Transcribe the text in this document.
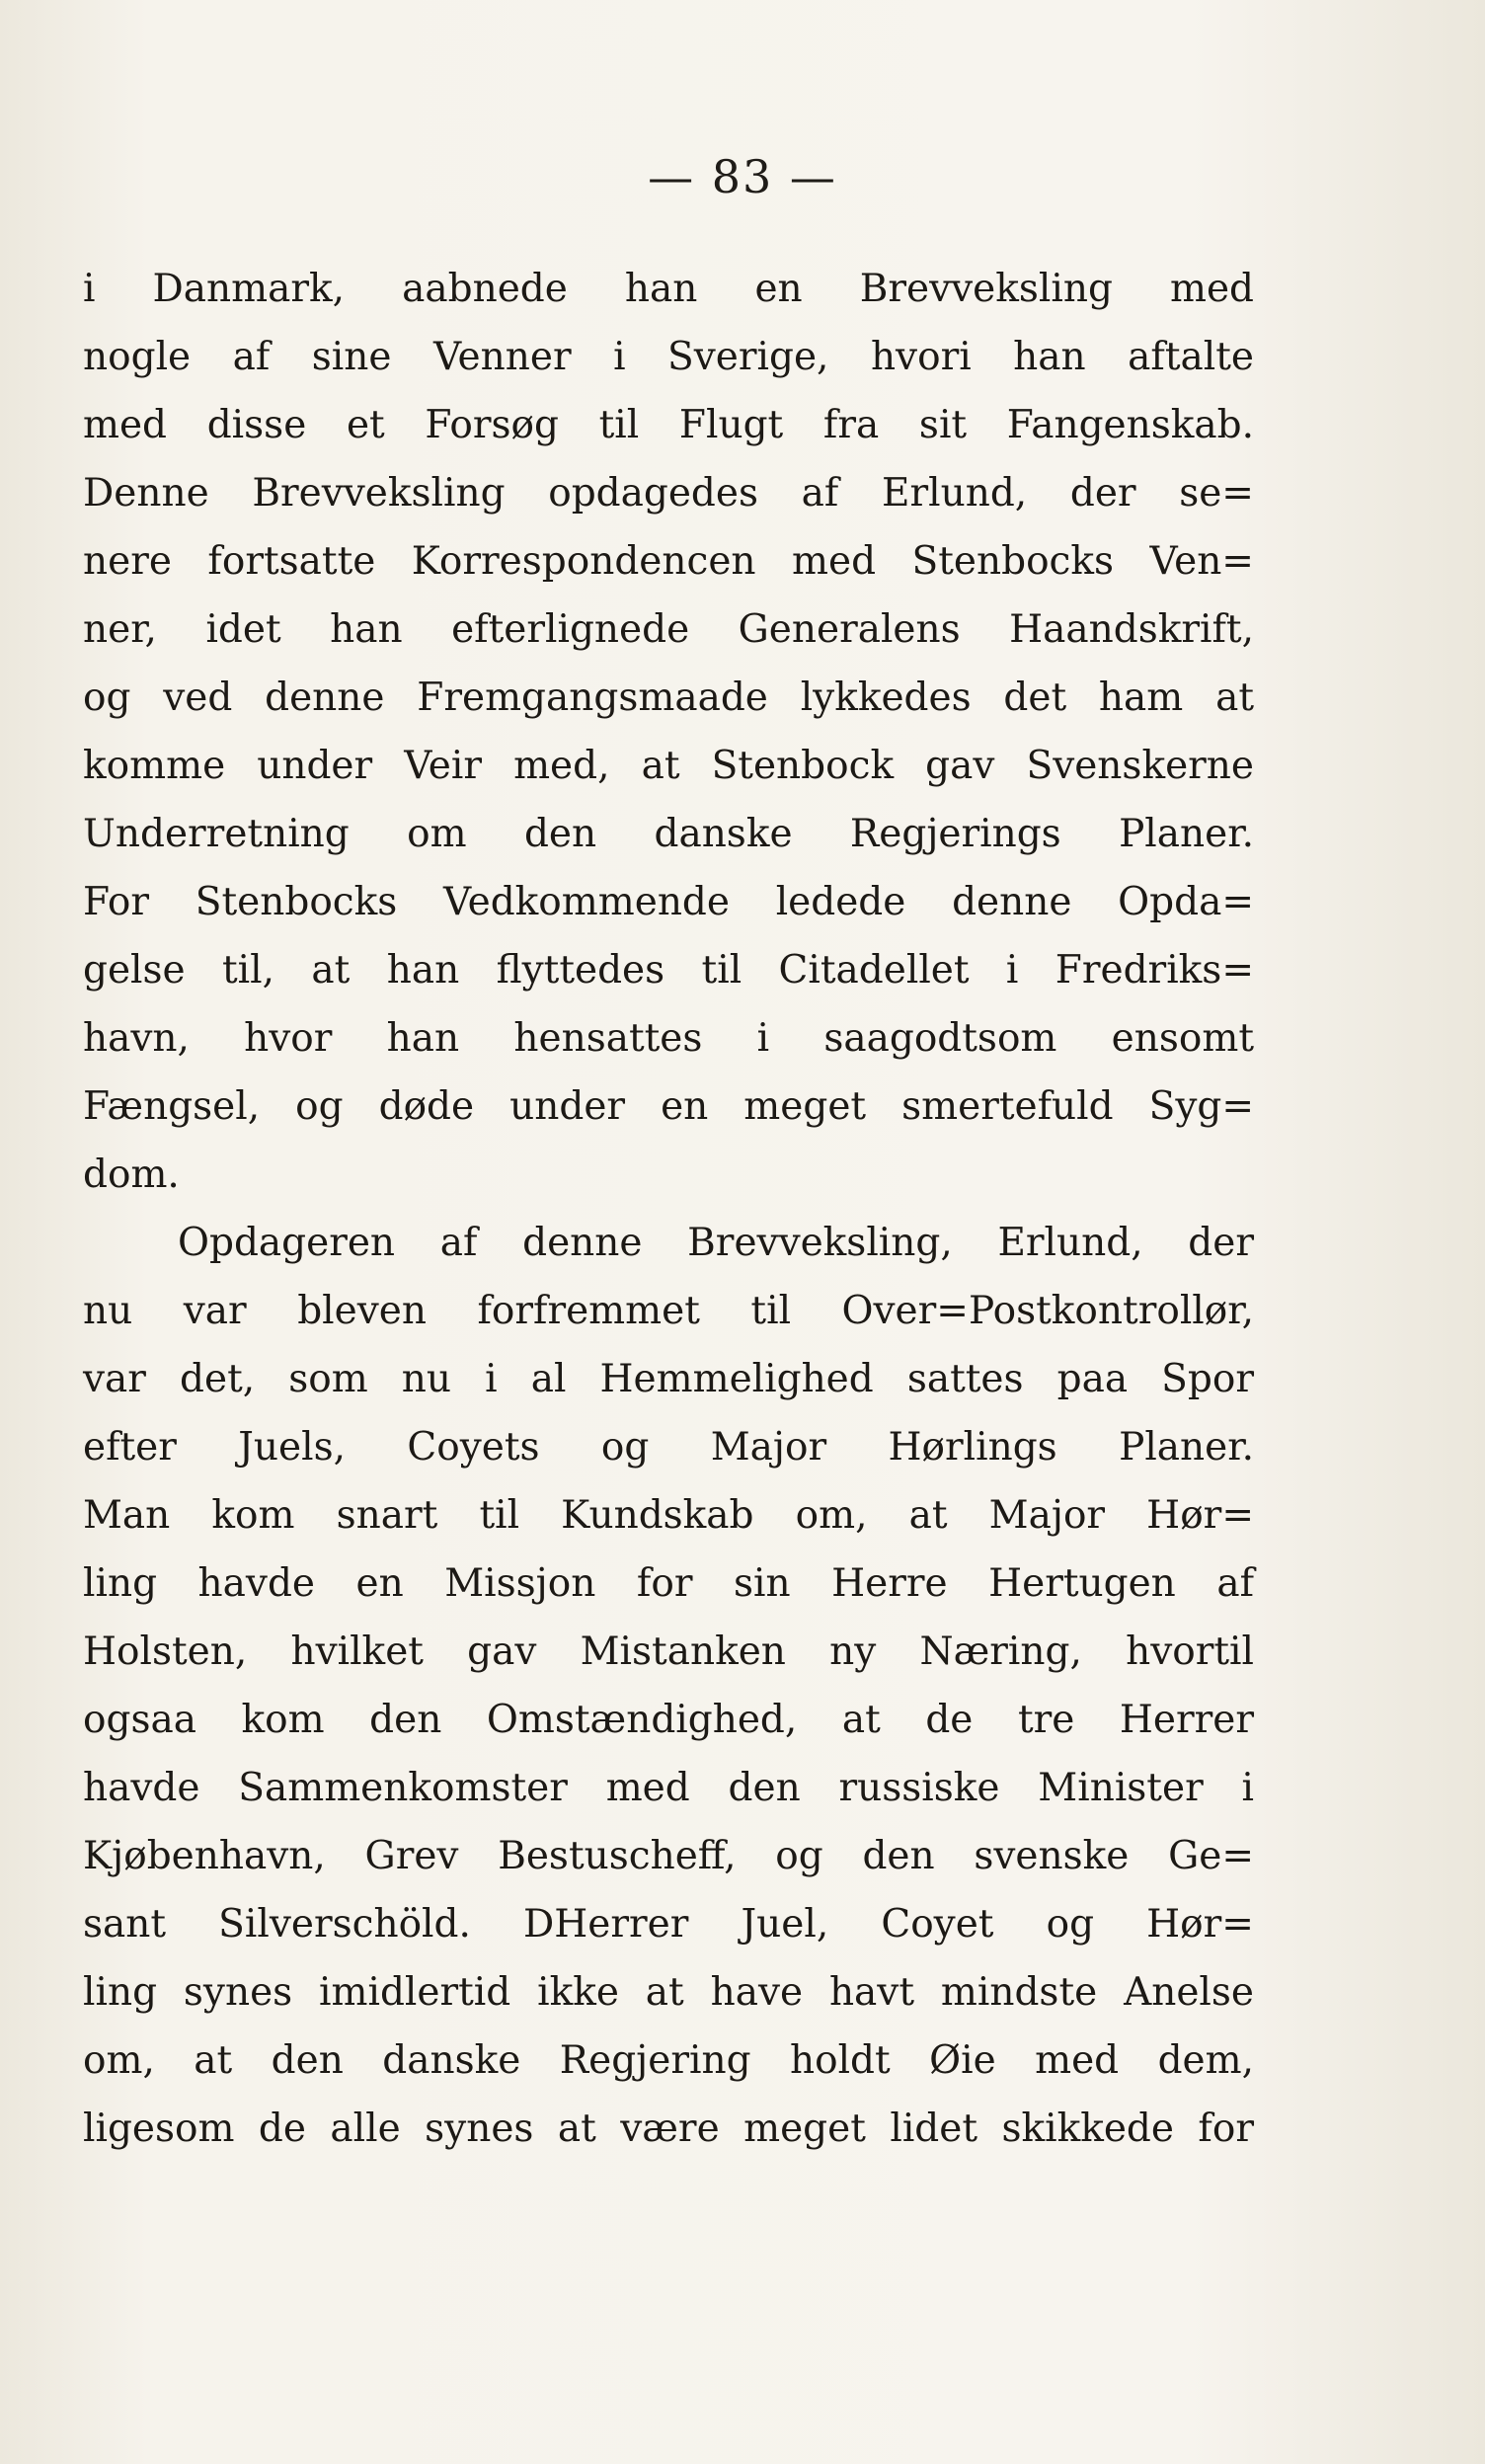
— 83 —
i Danmark, aabnede han en Brevveksling med
nogle af sine Venner i Sverige, hvori han aftalte
med disse et Forsøg til Flugt fra sit Fangenskab.
Denne Brevveksling opdagedes af Erlund, der se=
nere fortsatte Korrespondencen med Stenbocks Ven=
ner, idet han efterlignede Generalens Haandskrift,
og ved denne Fremgangsmaade lykkedes det ham at
komme under Veir med, at Stenbock gav Svenskerne
Underretning om den danske Regjerings Planer.
For Stenbocks Vedkommende ledede denne Opda=
gelse til, at han flyttedes til Citadellet i Fredriks=
havn, hvor han hensattes i saagodtsom ensomt
Fængsel, og døde under en meget smertefuld Syg=
dom.
Opdageren af denne Brevveksling, Erlund, der
nu var bleven forfremmet til Over=Postkontrollør,
var det, som nu i al Hemmelighed sattes paa Spor
efter Juels, Coyets og Major Hørlings Planer.
Man kom snart til Kundskab om, at Major Hør=
ling havde en Missjon for sin Herre Hertugen af
Holsten, hvilket gav Mistanken ny Næring, hvortil
ogsaa kom den Omstændighed, at de tre Herrer
havde Sammenkomster med den russiske Minister i
Kjøbenhavn, Grev Bestuscheff, og den svenske Ge=
sant Silverschöld. DHerrer Juel, Coyet og Hør=
ling synes imidlertid ikke at have havt mindste Anelse
om, at den danske Regjering holdt Øie med dem,
ligesom de alle synes at være meget lidet skikkede for
